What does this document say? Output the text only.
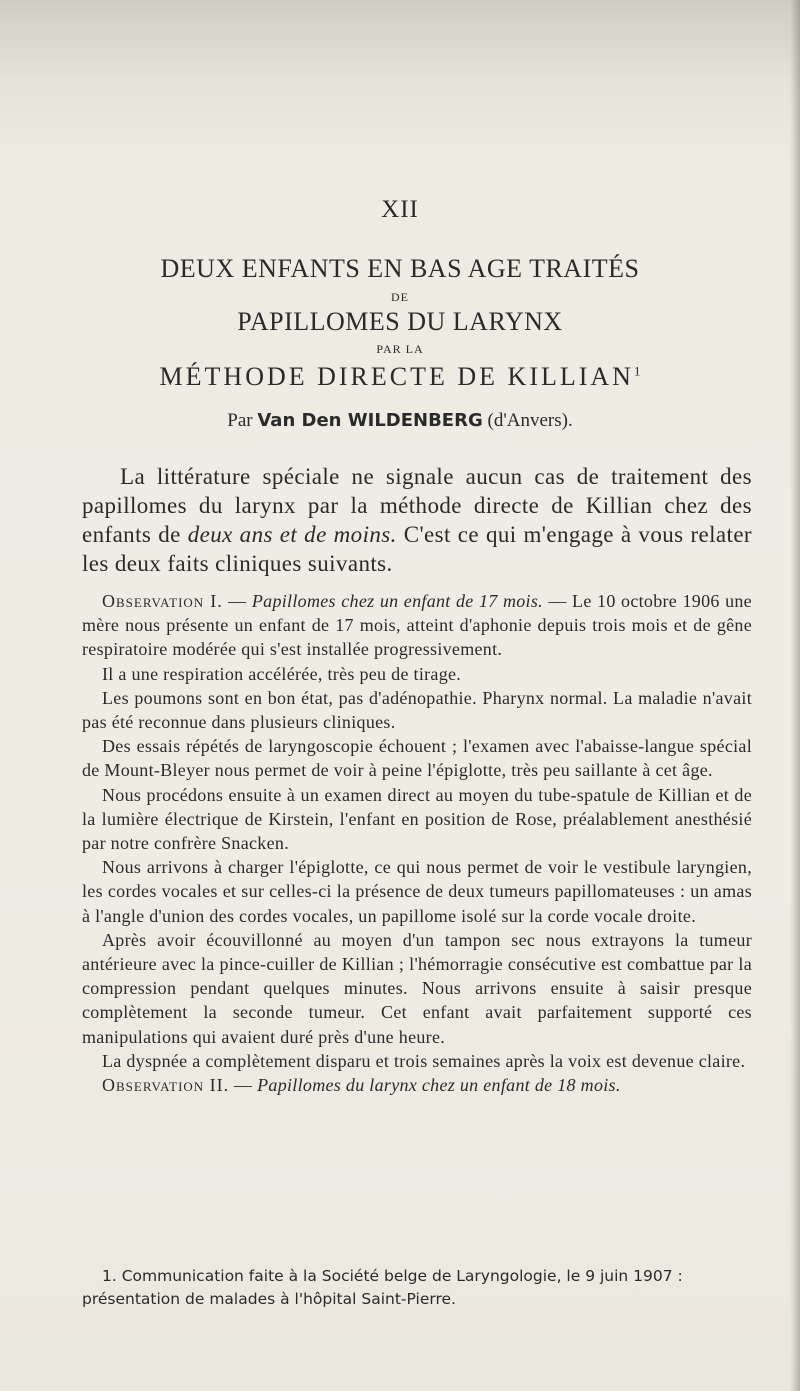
XII
DEUX ENFANTS EN BAS AGE TRAITÉS
DE
PAPILLOMES DU LARYNX
PAR LA
MÉTHODE DIRECTE DE KILLIAN$^1$
Par Van Den WILDENBERG (d'Anvers).

La littérature spéciale ne signale aucun cas de traitement des papillomes du larynx par la méthode directe de Killian chez des enfants de deux ans et de moins. C'est ce qui m'engage à vous relater les deux faits cliniques suivants.

Observation I. — Papillomes chez un enfant de 17 mois. — Le 10 octobre 1906 une mère nous présente un enfant de 17 mois, atteint d'aphonie depuis trois mois et de gêne respiratoire modérée qui s'est installée progressivement.

Il a une respiration accélérée, très peu de tirage.

Les poumons sont en bon état, pas d'adénopathie. Pharynx normal. La maladie n'avait pas été reconnue dans plusieurs cliniques.

Des essais répétés de laryngoscopie échouent ; l'examen avec l'abaisse-langue spécial de Mount-Bleyer nous permet de voir à peine l'épiglotte, très peu saillante à cet âge.

Nous procédons ensuite à un examen direct au moyen du tube-spatule de Killian et de la lumière électrique de Kirstein, l'enfant en position de Rose, préalablement anesthésié par notre confrère Snacken.

Nous arrivons à charger l'épiglotte, ce qui nous permet de voir le vestibule laryngien, les cordes vocales et sur celles-ci la présence de deux tumeurs papillomateuses : un amas à l'angle d'union des cordes vocales, un papillome isolé sur la corde vocale droite.

Après avoir écouvillonné au moyen d'un tampon sec nous extrayons la tumeur antérieure avec la pince-cuiller de Killian ; l'hémorragie consécutive est combattue par la compression pendant quelques minutes. Nous arrivons ensuite à saisir presque complètement la seconde tumeur. Cet enfant avait parfaitement supporté ces manipulations qui avaient duré près d'une heure.

La dyspnée a complètement disparu et trois semaines après la voix est devenue claire.

Observation II. — Papillomes du larynx chez un enfant de 18 mois.

1. Communication faite à la Société belge de Laryngologie, le 9 juin 1907 : présentation de malades à l'hôpital Saint-Pierre.
